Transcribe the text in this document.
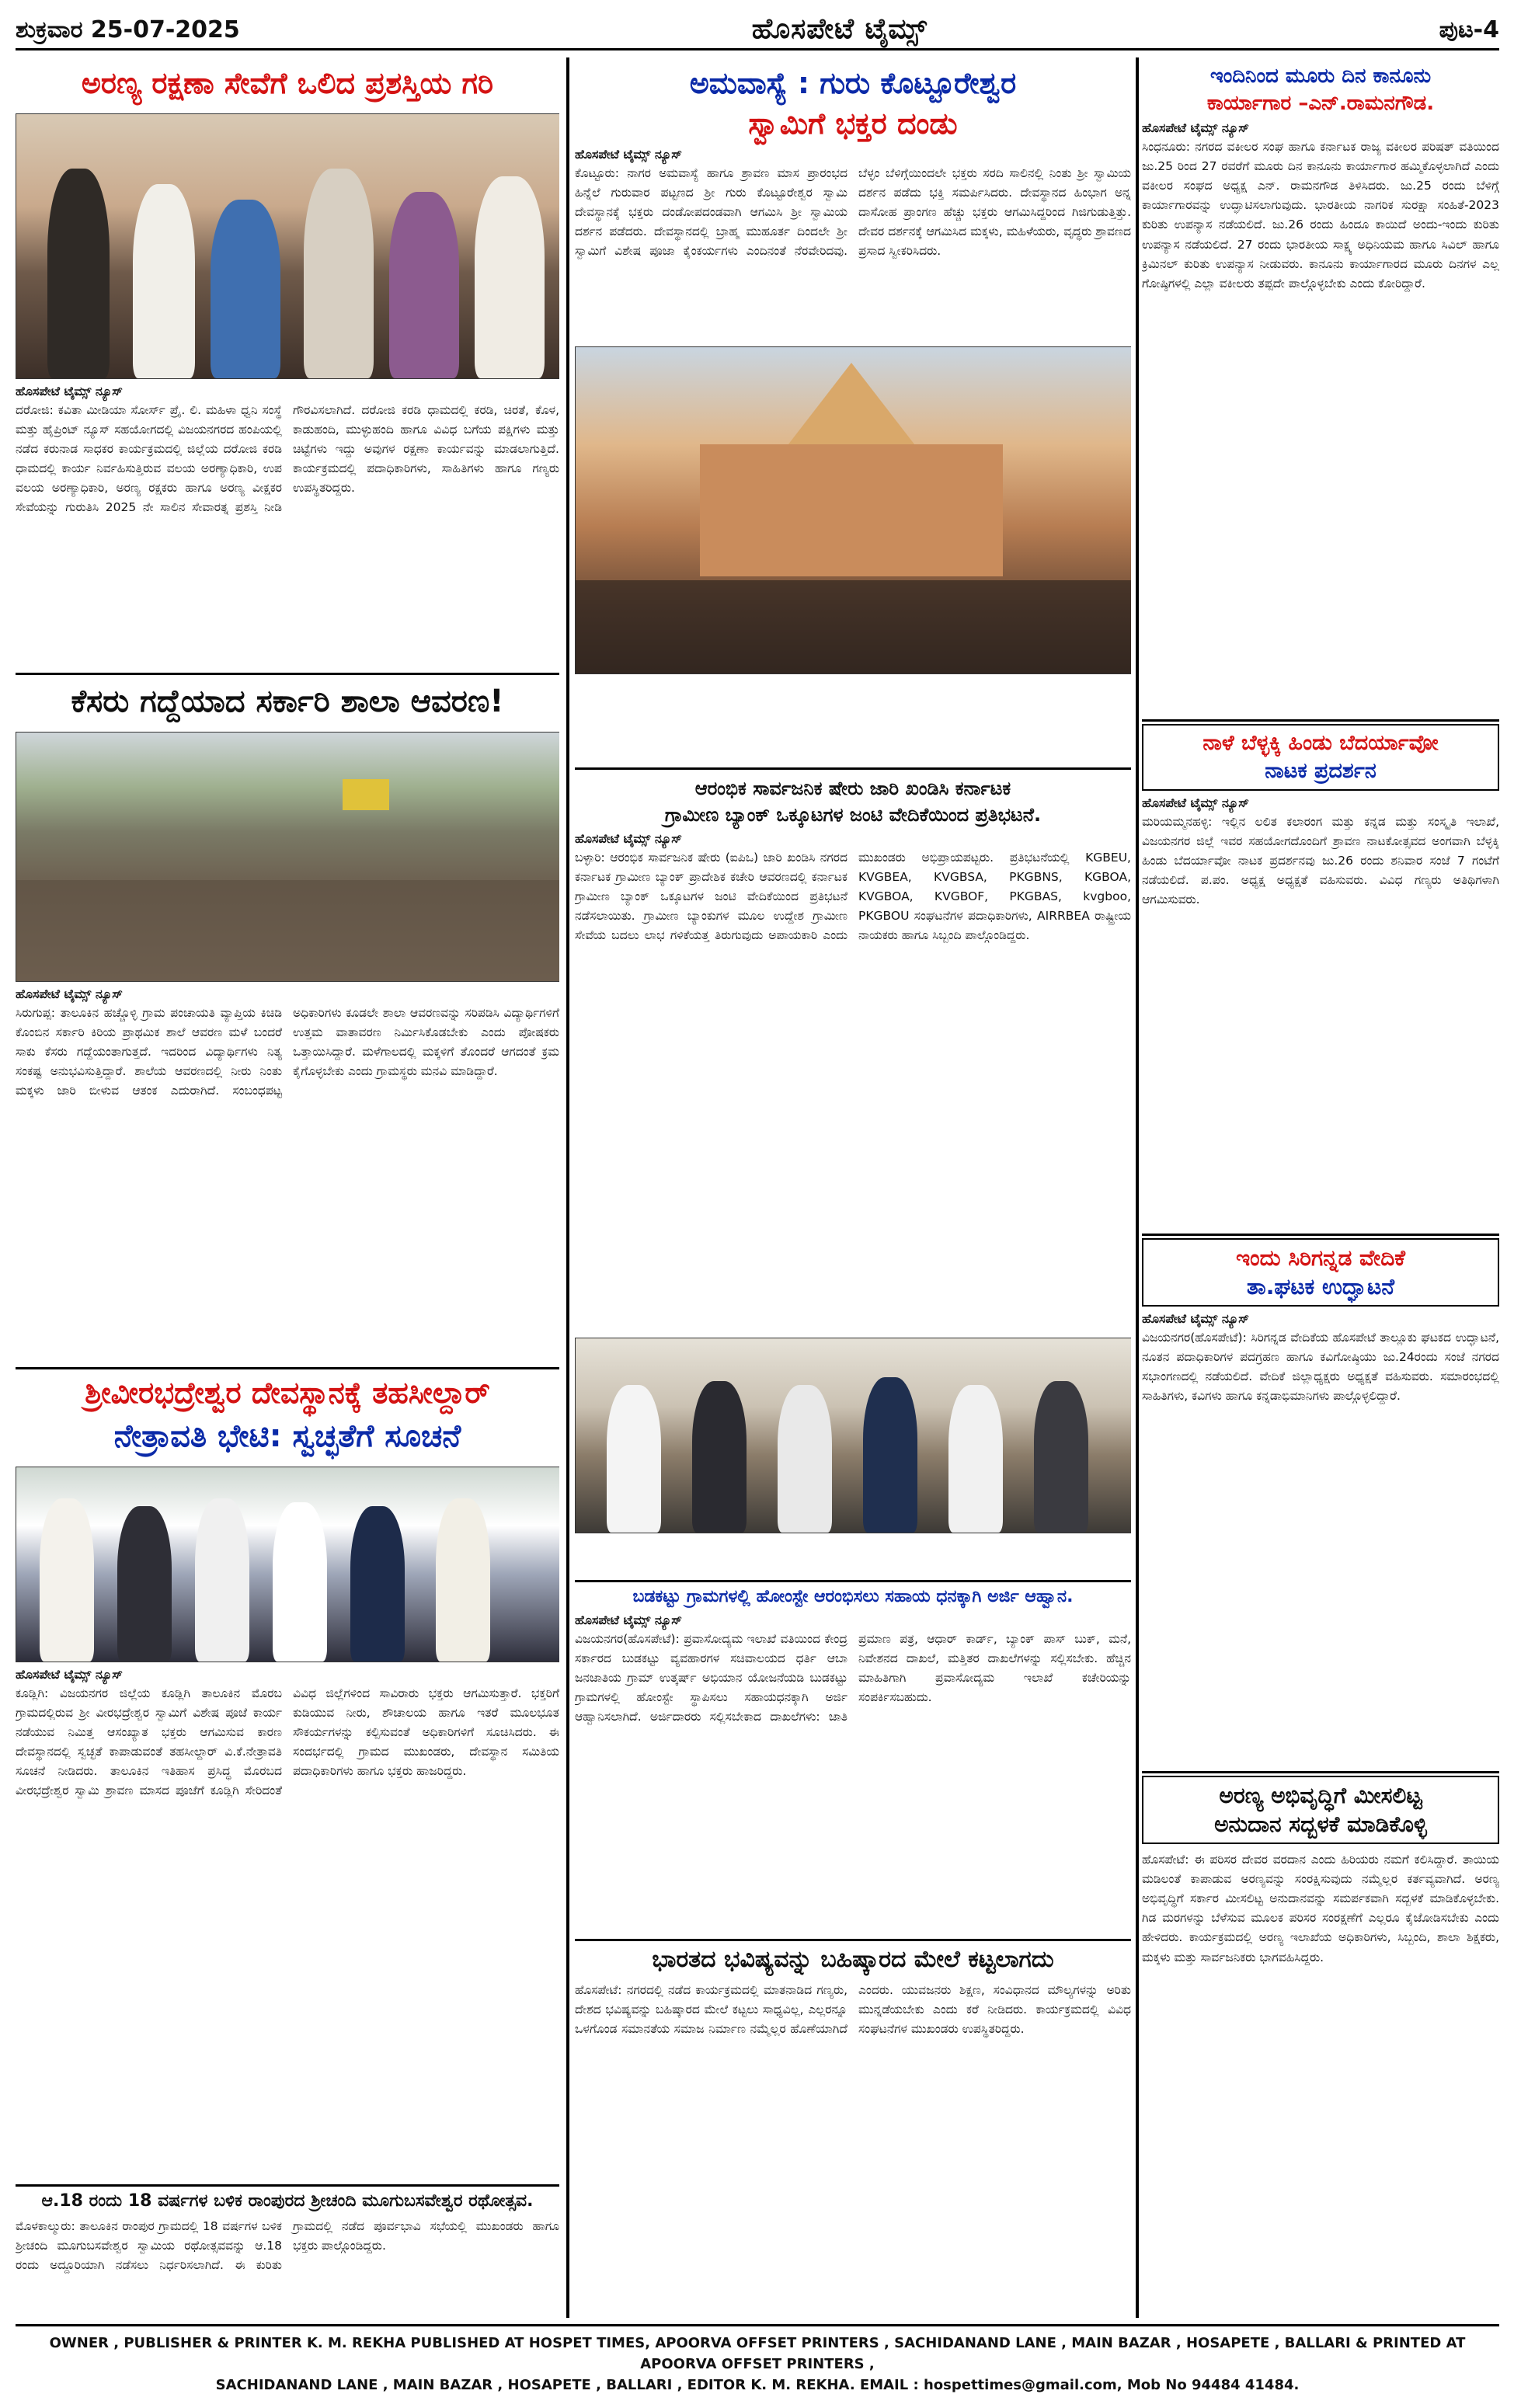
ಶುಕ್ರವಾರ 25-07-2025	ಹೊಸಪೇಟೆ ಟೈಮ್ಸ್	ಪುಟ-4
ಅರಣ್ಯ ರಕ್ಷಣಾ ಸೇವೆಗೆ ಒಲಿದ ಪ್ರಶಸ್ತಿಯ ಗರಿ
ಹೊಸಪೇಟೆ ಟೈಮ್ಸ್ ನ್ಯೂಸ್

ದರೋಜಿ: ಕವಿತಾ ಮೀಡಿಯಾ ಸೋರ್ಸ್ ಪ್ರೈ. ಲಿ. ಮಹಿಳಾ ಧ್ವನಿ ಸಂಸ್ಥೆ ಮತ್ತು ಹೈಪ್ರಿಂಟ್ ನ್ಯೂಸ್ ಸಹಯೋಗದಲ್ಲಿ ವಿಜಯನಗರದ ಹಂಪಿಯಲ್ಲಿ ನಡೆದ ಕರುನಾಡ ಸಾಧಕರ ಕಾರ್ಯಕ್ರಮದಲ್ಲಿ ಜಿಲ್ಲೆಯ ದರೋಜಿ ಕರಡಿ ಧಾಮದಲ್ಲಿ ಕಾರ್ಯ ನಿರ್ವಹಿಸುತ್ತಿರುವ ವಲಯ ಅರಣ್ಯಾಧಿಕಾರಿ, ಉಪ ವಲಯ ಅರಣ್ಯಾಧಿಕಾರಿ, ಅರಣ್ಯ ರಕ್ಷಕರು ಹಾಗೂ ಅರಣ್ಯ ವೀಕ್ಷಕರ ಸೇವೆಯನ್ನು ಗುರುತಿಸಿ 2025 ನೇ ಸಾಲಿನ ಸೇವಾರತ್ನ ಪ್ರಶಸ್ತಿ ನೀಡಿ ಗೌರವಿಸಲಾಗಿದೆ. ದರೋಜಿ ಕರಡಿ ಧಾಮದಲ್ಲಿ ಕರಡಿ, ಚಿರತೆ, ಕೊಳ, ಕಾಡುಹಂದಿ, ಮುಳ್ಳುಹಂದಿ ಹಾಗೂ ವಿವಿಧ ಬಗೆಯ ಪಕ್ಷಿಗಳು ಮತ್ತು ಚಿಟ್ಟೆಗಳು ಇದ್ದು ಅವುಗಳ ರಕ್ಷಣಾ ಕಾರ್ಯವನ್ನು ಮಾಡಲಾಗುತ್ತಿದೆ. ಕಾರ್ಯಕ್ರಮದಲ್ಲಿ ಪದಾಧಿಕಾರಿಗಳು, ಸಾಹಿತಿಗಳು ಹಾಗೂ ಗಣ್ಯರು ಉಪಸ್ಥಿತರಿದ್ದರು.

ಕೆಸರು ಗದ್ದೆಯಾದ ಸರ್ಕಾರಿ ಶಾಲಾ ಆವರಣ!
ಹೊಸಪೇಟೆ ಟೈಮ್ಸ್ ನ್ಯೂಸ್

ಸಿರುಗುಪ್ಪ: ತಾಲೂಕಿನ ಹಚ್ಚೊಳ್ಳಿ ಗ್ರಾಮ ಪಂಚಾಯತಿ ವ್ಯಾಪ್ತಿಯ ಕಿಚಿಡಿ ಕೊಂಬಿನ ಸರ್ಕಾರಿ ಕಿರಿಯ ಪ್ರಾಥಮಿಕ ಶಾಲೆ ಆವರಣ ಮಳೆ ಬಂದರೆ ಸಾಕು ಕೆಸರು ಗದ್ದೆಯಂತಾಗುತ್ತದೆ. ಇದರಿಂದ ವಿದ್ಯಾರ್ಥಿಗಳು ನಿತ್ಯ ಸಂಕಷ್ಟ ಅನುಭವಿಸುತ್ತಿದ್ದಾರೆ. ಶಾಲೆಯ ಆವರಣದಲ್ಲಿ ನೀರು ನಿಂತು ಮಕ್ಕಳು ಜಾರಿ ಬೀಳುವ ಆತಂಕ ಎದುರಾಗಿದೆ. ಸಂಬಂಧಪಟ್ಟ ಅಧಿಕಾರಿಗಳು ಕೂಡಲೇ ಶಾಲಾ ಆವರಣವನ್ನು ಸರಿಪಡಿಸಿ ವಿದ್ಯಾರ್ಥಿಗಳಿಗೆ ಉತ್ತಮ ವಾತಾವರಣ ನಿರ್ಮಿಸಿಕೊಡಬೇಕು ಎಂದು ಪೋಷಕರು ಒತ್ತಾಯಿಸಿದ್ದಾರೆ. ಮಳೆಗಾಲದಲ್ಲಿ ಮಕ್ಕಳಿಗೆ ತೊಂದರೆ ಆಗದಂತೆ ಕ್ರಮ ಕೈಗೊಳ್ಳಬೇಕು ಎಂದು ಗ್ರಾಮಸ್ಥರು ಮನವಿ ಮಾಡಿದ್ದಾರೆ.

ಶ್ರೀವೀರಭದ್ರೇಶ್ವರ ದೇವಸ್ಥಾನಕ್ಕೆ ತಹಸೀಲ್ದಾರ್
ನೇತ್ರಾವತಿ ಭೇಟಿ: ಸ್ವಚ್ಛತೆಗೆ ಸೂಚನೆ
ಹೊಸಪೇಟೆ ಟೈಮ್ಸ್ ನ್ಯೂಸ್

ಕೂಡ್ಲಿಗಿ: ವಿಜಯನಗರ ಜಿಲ್ಲೆಯ ಕೂಡ್ಲಿಗಿ ತಾಲೂಕಿನ ಮೊರಬ ಗ್ರಾಮದಲ್ಲಿರುವ ಶ್ರೀ ವೀರಭದ್ರೇಶ್ವರ ಸ್ವಾಮಿಗೆ ವಿಶೇಷ ಪೂಜೆ ಕಾರ್ಯ ನಡೆಯುವ ನಿಮಿತ್ತ ಆಸಂಖ್ಯಾತ ಭಕ್ತರು ಆಗಮಿಸುವ ಕಾರಣ ದೇವಸ್ಥಾನದಲ್ಲಿ ಸ್ವಚ್ಛತೆ ಕಾಪಾಡುವಂತೆ ತಹಸೀಲ್ದಾರ್ ವಿ.ಕೆ.ನೇತ್ರಾವತಿ ಸೂಚನೆ ನೀಡಿದರು. ತಾಲೂಕಿನ ಇತಿಹಾಸ ಪ್ರಸಿದ್ಧ ಮೊರಬದ ವೀರಭದ್ರೇಶ್ವರ ಸ್ವಾಮಿ ಶ್ರಾವಣ ಮಾಸದ ಪೂಜೆಗೆ ಕೂಡ್ಲಿಗಿ ಸೇರಿದಂತೆ ವಿವಿಧ ಜಿಲ್ಲೆಗಳಿಂದ ಸಾವಿರಾರು ಭಕ್ತರು ಆಗಮಿಸುತ್ತಾರೆ. ಭಕ್ತರಿಗೆ ಕುಡಿಯುವ ನೀರು, ಶೌಚಾಲಯ ಹಾಗೂ ಇತರೆ ಮೂಲಭೂತ ಸೌಕರ್ಯಗಳನ್ನು ಕಲ್ಪಿಸುವಂತೆ ಅಧಿಕಾರಿಗಳಿಗೆ ಸೂಚಿಸಿದರು. ಈ ಸಂದರ್ಭದಲ್ಲಿ ಗ್ರಾಮದ ಮುಖಂಡರು, ದೇವಸ್ಥಾನ ಸಮಿತಿಯ ಪದಾಧಿಕಾರಿಗಳು ಹಾಗೂ ಭಕ್ತರು ಹಾಜರಿದ್ದರು.

ಆ.18 ರಂದು 18 ವರ್ಷಗಳ ಬಳಿಕ ರಾಂಪುರದ ಶ್ರೀಚಂದಿ ಮೂಗುಬಸವೇಶ್ವರ ರಥೋತ್ಸವ.

ಮೊಳಕಾಲ್ಮುರು: ತಾಲೂಕಿನ ರಾಂಪುರ ಗ್ರಾಮದಲ್ಲಿ 18 ವರ್ಷಗಳ ಬಳಿಕ ಶ್ರೀಚಂದಿ ಮೂಗುಬಸವೇಶ್ವರ ಸ್ವಾಮಿಯ ರಥೋತ್ಸವವನ್ನು ಆ.18 ರಂದು ಅದ್ದೂರಿಯಾಗಿ ನಡೆಸಲು ನಿರ್ಧರಿಸಲಾಗಿದೆ. ಈ ಕುರಿತು ಗ್ರಾಮದಲ್ಲಿ ನಡೆದ ಪೂರ್ವಭಾವಿ ಸಭೆಯಲ್ಲಿ ಮುಖಂಡರು ಹಾಗೂ ಭಕ್ತರು ಪಾಲ್ಗೊಂಡಿದ್ದರು.

ಅಮವಾಸ್ಯೆ : ಗುರು ಕೊಟ್ಟೂರೇಶ್ವರ
ಸ್ವಾಮಿಗೆ ಭಕ್ತರ ದಂಡು
ಹೊಸಪೇಟೆ ಟೈಮ್ಸ್ ನ್ಯೂಸ್

ಕೊಟ್ಟೂರು: ನಾಗರ ಅಮವಾಸ್ಯೆ ಹಾಗೂ ಶ್ರಾವಣ ಮಾಸ ಪ್ರಾರಂಭದ ಹಿನ್ನೆಲೆ ಗುರುವಾರ ಪಟ್ಟಣದ ಶ್ರೀ ಗುರು ಕೊಟ್ಟೂರೇಶ್ವರ ಸ್ವಾಮಿ ದೇವಸ್ಥಾನಕ್ಕೆ ಭಕ್ತರು ದಂಡೋಪದಂಡವಾಗಿ ಆಗಮಿಸಿ ಶ್ರೀ ಸ್ವಾಮಿಯ ದರ್ಶನ ಪಡೆದರು. ದೇವಸ್ಥಾನದಲ್ಲಿ ಬ್ರಾಹ್ಮ ಮುಹೂರ್ತ ದಿಂದಲೇ ಶ್ರೀ ಸ್ವಾಮಿಗೆ ವಿಶೇಷ ಪೂಜಾ ಕೈಂಕರ್ಯಗಳು ಎಂದಿನಂತೆ ನೆರವೇರಿದವು. ಬೆಳ್ಳಂ ಬೆಳಿಗ್ಗೆಯಿಂದಲೇ ಭಕ್ತರು ಸರದಿ ಸಾಲಿನಲ್ಲಿ ನಿಂತು ಶ್ರೀ ಸ್ವಾಮಿಯ ದರ್ಶನ ಪಡೆದು ಭಕ್ತಿ ಸಮರ್ಪಿಸಿದರು. ದೇವಸ್ಥಾನದ ಹಿಂಭಾಗ ಅನ್ನ ದಾಸೋಹ ಪ್ರಾಂಗಣ ಹೆಚ್ಚು ಭಕ್ತರು ಆಗಮಿಸಿದ್ದರಿಂದ ಗಿಜಿಗುಡುತ್ತಿತ್ತು. ದೇವರ ದರ್ಶನಕ್ಕೆ ಆಗಮಿಸಿದ ಮಕ್ಕಳು, ಮಹಿಳೆಯರು, ವೃದ್ಧರು ಶ್ರಾವಣದ ಪ್ರಸಾದ ಸ್ವೀಕರಿಸಿದರು.

ಆರಂಭಿಕ ಸಾರ್ವಜನಿಕ ಷೇರು ಜಾರಿ ಖಂಡಿಸಿ ಕರ್ನಾಟಕ
ಗ್ರಾಮೀಣ ಬ್ಯಾಂಕ್ ಒಕ್ಕೂಟಗಳ ಜಂಟಿ ವೇದಿಕೆಯಿಂದ ಪ್ರತಿಭಟನೆ.
ಹೊಸಪೇಟೆ ಟೈಮ್ಸ್ ನ್ಯೂಸ್

ಬಳ್ಳಾರಿ: ಆರಂಭಿಕ ಸಾರ್ವಜನಿಕ ಷೇರು (ಐಪಿಒ) ಜಾರಿ ಖಂಡಿಸಿ ನಗರದ ಕರ್ನಾಟಕ ಗ್ರಾಮೀಣ ಬ್ಯಾಂಕ್ ಪ್ರಾದೇಶಿಕ ಕಚೇರಿ ಆವರಣದಲ್ಲಿ ಕರ್ನಾಟಕ ಗ್ರಾಮೀಣ ಬ್ಯಾಂಕ್ ಒಕ್ಕೂಟಗಳ ಜಂಟಿ ವೇದಿಕೆಯಿಂದ ಪ್ರತಿಭಟನೆ ನಡೆಸಲಾಯಿತು. ಗ್ರಾಮೀಣ ಬ್ಯಾಂಕುಗಳ ಮೂಲ ಉದ್ದೇಶ ಗ್ರಾಮೀಣ ಸೇವೆಯ ಬದಲು ಲಾಭ ಗಳಿಕೆಯತ್ತ ತಿರುಗುವುದು ಅಪಾಯಕಾರಿ ಎಂದು ಮುಖಂಡರು ಅಭಿಪ್ರಾಯಪಟ್ಟರು. ಪ್ರತಿಭಟನೆಯಲ್ಲಿ KGBEU, KVGBEA, KVGBSA, PKGBNS, KGBOA, KVGBOA, KVGBOF, PKGBAS, kvgboo, PKGBOU ಸಂಘಟನೆಗಳ ಪದಾಧಿಕಾರಿಗಳು, AIRRBEA ರಾಷ್ಟ್ರೀಯ ನಾಯಕರು ಹಾಗೂ ಸಿಬ್ಬಂದಿ ಪಾಲ್ಗೊಂಡಿದ್ದರು.

ಬಡಕಟ್ಟು ಗ್ರಾಮಗಳಲ್ಲಿ ಹೋಂಸ್ಟೇ ಆರಂಭಿಸಲು ಸಹಾಯ ಧನಕ್ಕಾಗಿ ಅರ್ಜಿ ಆಹ್ವಾನ.
ಹೊಸಪೇಟೆ ಟೈಮ್ಸ್ ನ್ಯೂಸ್

ವಿಜಯನಗರ(ಹೊಸಪೇಟೆ): ಪ್ರವಾಸೋದ್ಯಮ ಇಲಾಖೆ ವತಿಯಿಂದ ಕೇಂದ್ರ ಸರ್ಕಾರದ ಬುಡಕಟ್ಟು ವ್ಯವಹಾರಗಳ ಸಚಿವಾಲಯದ ಧರ್ತಿ ಆಬಾ ಜನಜಾತಿಯ ಗ್ರಾಮ್ ಉತ್ಕರ್ಷ್ ಅಭಿಯಾನ ಯೋಜನೆಯಡಿ ಬುಡಕಟ್ಟು ಗ್ರಾಮಗಳಲ್ಲಿ ಹೋಂಸ್ಟೇ ಸ್ಥಾಪಿಸಲು ಸಹಾಯಧನಕ್ಕಾಗಿ ಅರ್ಜಿ ಆಹ್ವಾನಿಸಲಾಗಿದೆ. ಅರ್ಜಿದಾರರು ಸಲ್ಲಿಸಬೇಕಾದ ದಾಖಲೆಗಳು: ಜಾತಿ ಪ್ರಮಾಣ ಪತ್ರ, ಆಧಾರ್ ಕಾರ್ಡ್, ಬ್ಯಾಂಕ್ ಪಾಸ್ ಬುಕ್, ಮನೆ, ನಿವೇಶನದ ದಾಖಲೆ, ಮತ್ತಿತರ ದಾಖಲೆಗಳನ್ನು ಸಲ್ಲಿಸಬೇಕು. ಹೆಚ್ಚಿನ ಮಾಹಿತಿಗಾಗಿ ಪ್ರವಾಸೋದ್ಯಮ ಇಲಾಖೆ ಕಚೇರಿಯನ್ನು ಸಂಪರ್ಕಿಸಬಹುದು.

ಭಾರತದ ಭವಿಷ್ಯವನ್ನು ಬಹಿಷ್ಕಾರದ ಮೇಲೆ ಕಟ್ಟಲಾಗದು

ಹೊಸಪೇಟೆ: ನಗರದಲ್ಲಿ ನಡೆದ ಕಾರ್ಯಕ್ರಮದಲ್ಲಿ ಮಾತನಾಡಿದ ಗಣ್ಯರು, ದೇಶದ ಭವಿಷ್ಯವನ್ನು ಬಹಿಷ್ಕಾರದ ಮೇಲೆ ಕಟ್ಟಲು ಸಾಧ್ಯವಿಲ್ಲ, ಎಲ್ಲರನ್ನೂ ಒಳಗೊಂಡ ಸಮಾನತೆಯ ಸಮಾಜ ನಿರ್ಮಾಣ ನಮ್ಮೆಲ್ಲರ ಹೊಣೆಯಾಗಿದೆ ಎಂದರು. ಯುವಜನರು ಶಿಕ್ಷಣ, ಸಂವಿಧಾನದ ಮೌಲ್ಯಗಳನ್ನು ಅರಿತು ಮುನ್ನಡೆಯಬೇಕು ಎಂದು ಕರೆ ನೀಡಿದರು. ಕಾರ್ಯಕ್ರಮದಲ್ಲಿ ವಿವಿಧ ಸಂಘಟನೆಗಳ ಮುಖಂಡರು ಉಪಸ್ಥಿತರಿದ್ದರು.

ಇಂದಿನಿಂದ ಮೂರು ದಿನ ಕಾನೂನು
ಕಾರ್ಯಾಗಾರ –ಎನ್.ರಾಮನಗೌಡ.
ಹೊಸಪೇಟೆ ಟೈಮ್ಸ್ ನ್ಯೂಸ್

ಸಿಂಧನೂರು: ನಗರದ ವಕೀಲರ ಸಂಘ ಹಾಗೂ ಕರ್ನಾಟಕ ರಾಜ್ಯ ವಕೀಲರ ಪರಿಷತ್ ವತಿಯಿಂದ ಜು.25 ರಿಂದ 27 ರವರೆಗೆ ಮೂರು ದಿನ ಕಾನೂನು ಕಾರ್ಯಾಗಾರ ಹಮ್ಮಿಕೊಳ್ಳಲಾಗಿದೆ ಎಂದು ವಕೀಲರ ಸಂಘದ ಅಧ್ಯಕ್ಷ ಎನ್. ರಾಮನಗೌಡ ತಿಳಿಸಿದರು. ಜು.25 ರಂದು ಬೆಳಿಗ್ಗೆ ಕಾರ್ಯಾಗಾರವನ್ನು ಉದ್ಘಾಟಿಸಲಾಗುವುದು. ಭಾರತೀಯ ನಾಗರಿಕ ಸುರಕ್ಷಾ ಸಂಹಿತೆ-2023 ಕುರಿತು ಉಪನ್ಯಾಸ ನಡೆಯಲಿದೆ. ಜು.26 ರಂದು ಹಿಂದೂ ಕಾಯಿದೆ ಅಂದು-ಇಂದು ಕುರಿತು ಉಪನ್ಯಾಸ ನಡೆಯಲಿದೆ. 27 ರಂದು ಭಾರತೀಯ ಸಾಕ್ಷ್ಯ ಅಧಿನಿಯಮ ಹಾಗೂ ಸಿವಿಲ್ ಹಾಗೂ ಕ್ರಿಮಿನಲ್ ಕುರಿತು ಉಪನ್ಯಾಸ ನೀಡುವರು. ಕಾನೂನು ಕಾರ್ಯಾಗಾರದ ಮೂರು ದಿನಗಳ ಎಲ್ಲ ಗೋಷ್ಠಿಗಳಲ್ಲಿ ಎಲ್ಲಾ ವಕೀಲರು ತಪ್ಪದೇ ಪಾಲ್ಗೊಳ್ಳಬೇಕು ಎಂದು ಕೋರಿದ್ದಾರೆ.

ನಾಳೆ ಬೆಳ್ಳಕ್ಕಿ ಹಿಂಡು ಬೆದರ್ಯಾವೋ
ನಾಟಕ ಪ್ರದರ್ಶನ
ಹೊಸಪೇಟೆ ಟೈಮ್ಸ್ ನ್ಯೂಸ್

ಮರಿಯಮ್ಮನಹಳ್ಳಿ: ಇಲ್ಲಿನ ಲಲಿತ ಕಲಾರಂಗ ಮತ್ತು ಕನ್ನಡ ಮತ್ತು ಸಂಸ್ಕೃತಿ ಇಲಾಖೆ, ವಿಜಯನಗರ ಜಿಲ್ಲೆ ಇವರ ಸಹಯೋಗದೊಂದಿಗೆ ಶ್ರಾವಣ ನಾಟಕೋತ್ಸವದ ಅಂಗವಾಗಿ ಬೆಳ್ಳಕ್ಕಿ ಹಿಂಡು ಬೆದರ್ಯಾವೋ ನಾಟಕ ಪ್ರದರ್ಶನವು ಜು.26 ರಂದು ಶನಿವಾರ ಸಂಜೆ 7 ಗಂಟೆಗೆ ನಡೆಯಲಿದೆ. ಪ.ಪಂ. ಅಧ್ಯಕ್ಷ ಅಧ್ಯಕ್ಷತೆ ವಹಿಸುವರು. ವಿವಿಧ ಗಣ್ಯರು ಅತಿಥಿಗಳಾಗಿ ಆಗಮಿಸುವರು.

ಇಂದು ಸಿರಿಗನ್ನಡ ವೇದಿಕೆ
ತಾ.ಘಟಕ ಉದ್ಘಾಟನೆ
ಹೊಸಪೇಟೆ ಟೈಮ್ಸ್ ನ್ಯೂಸ್

ವಿಜಯನಗರ(ಹೊಸಪೇಟೆ): ಸಿರಿಗನ್ನಡ ವೇದಿಕೆಯ ಹೊಸಪೇಟೆ ತಾಲ್ಲೂಕು ಘಟಕದ ಉದ್ಘಾಟನೆ, ನೂತನ ಪದಾಧಿಕಾರಿಗಳ ಪದಗ್ರಹಣ ಹಾಗೂ ಕವಿಗೋಷ್ಠಿಯು ಜು.24ರಂದು ಸಂಜೆ ನಗರದ ಸಭಾಂಗಣದಲ್ಲಿ ನಡೆಯಲಿದೆ. ವೇದಿಕೆ ಜಿಲ್ಲಾಧ್ಯಕ್ಷರು ಅಧ್ಯಕ್ಷತೆ ವಹಿಸುವರು. ಸಮಾರಂಭದಲ್ಲಿ ಸಾಹಿತಿಗಳು, ಕವಿಗಳು ಹಾಗೂ ಕನ್ನಡಾಭಿಮಾನಿಗಳು ಪಾಲ್ಗೊಳ್ಳಲಿದ್ದಾರೆ.

ಅರಣ್ಯ ಅಭಿವೃದ್ಧಿಗೆ ಮೀಸಲಿಟ್ಟ
ಅನುದಾನ ಸದ್ಬಳಕೆ ಮಾಡಿಕೊಳ್ಳಿ

ಹೊಸಪೇಟೆ: ಈ ಪರಿಸರ ದೇವರ ವರದಾನ ಎಂದು ಹಿರಿಯರು ನಮಗೆ ಕಲಿಸಿದ್ದಾರೆ. ತಾಯಿಯ ಮಡಿಲಂತೆ ಕಾಪಾಡುವ ಅರಣ್ಯವನ್ನು ಸಂರಕ್ಷಿಸುವುದು ನಮ್ಮೆಲ್ಲರ ಕರ್ತವ್ಯವಾಗಿದೆ. ಅರಣ್ಯ ಅಭಿವೃದ್ಧಿಗೆ ಸರ್ಕಾರ ಮೀಸಲಿಟ್ಟ ಅನುದಾನವನ್ನು ಸಮರ್ಪಕವಾಗಿ ಸದ್ಬಳಕೆ ಮಾಡಿಕೊಳ್ಳಬೇಕು. ಗಿಡ ಮರಗಳನ್ನು ಬೆಳೆಸುವ ಮೂಲಕ ಪರಿಸರ ಸಂರಕ್ಷಣೆಗೆ ಎಲ್ಲರೂ ಕೈಜೋಡಿಸಬೇಕು ಎಂದು ಹೇಳಿದರು. ಕಾರ್ಯಕ್ರಮದಲ್ಲಿ ಅರಣ್ಯ ಇಲಾಖೆಯ ಅಧಿಕಾರಿಗಳು, ಸಿಬ್ಬಂದಿ, ಶಾಲಾ ಶಿಕ್ಷಕರು, ಮಕ್ಕಳು ಮತ್ತು ಸಾರ್ವಜನಿಕರು ಭಾಗವಹಿಸಿದ್ದರು.

OWNER , PUBLISHER & PRINTER K. M. REKHA PUBLISHED AT HOSPET TIMES, APOORVA OFFSET PRINTERS , SACHIDANAND LANE , MAIN BAZAR , HOSAPETE , BALLARI & PRINTED AT APOORVA OFFSET PRINTERS ,
SACHIDANAND LANE , MAIN BAZAR , HOSAPETE , BALLARI , EDITOR K. M. REKHA. EMAIL : hospettimes@gmail.com, Mob No 94484 41484.
